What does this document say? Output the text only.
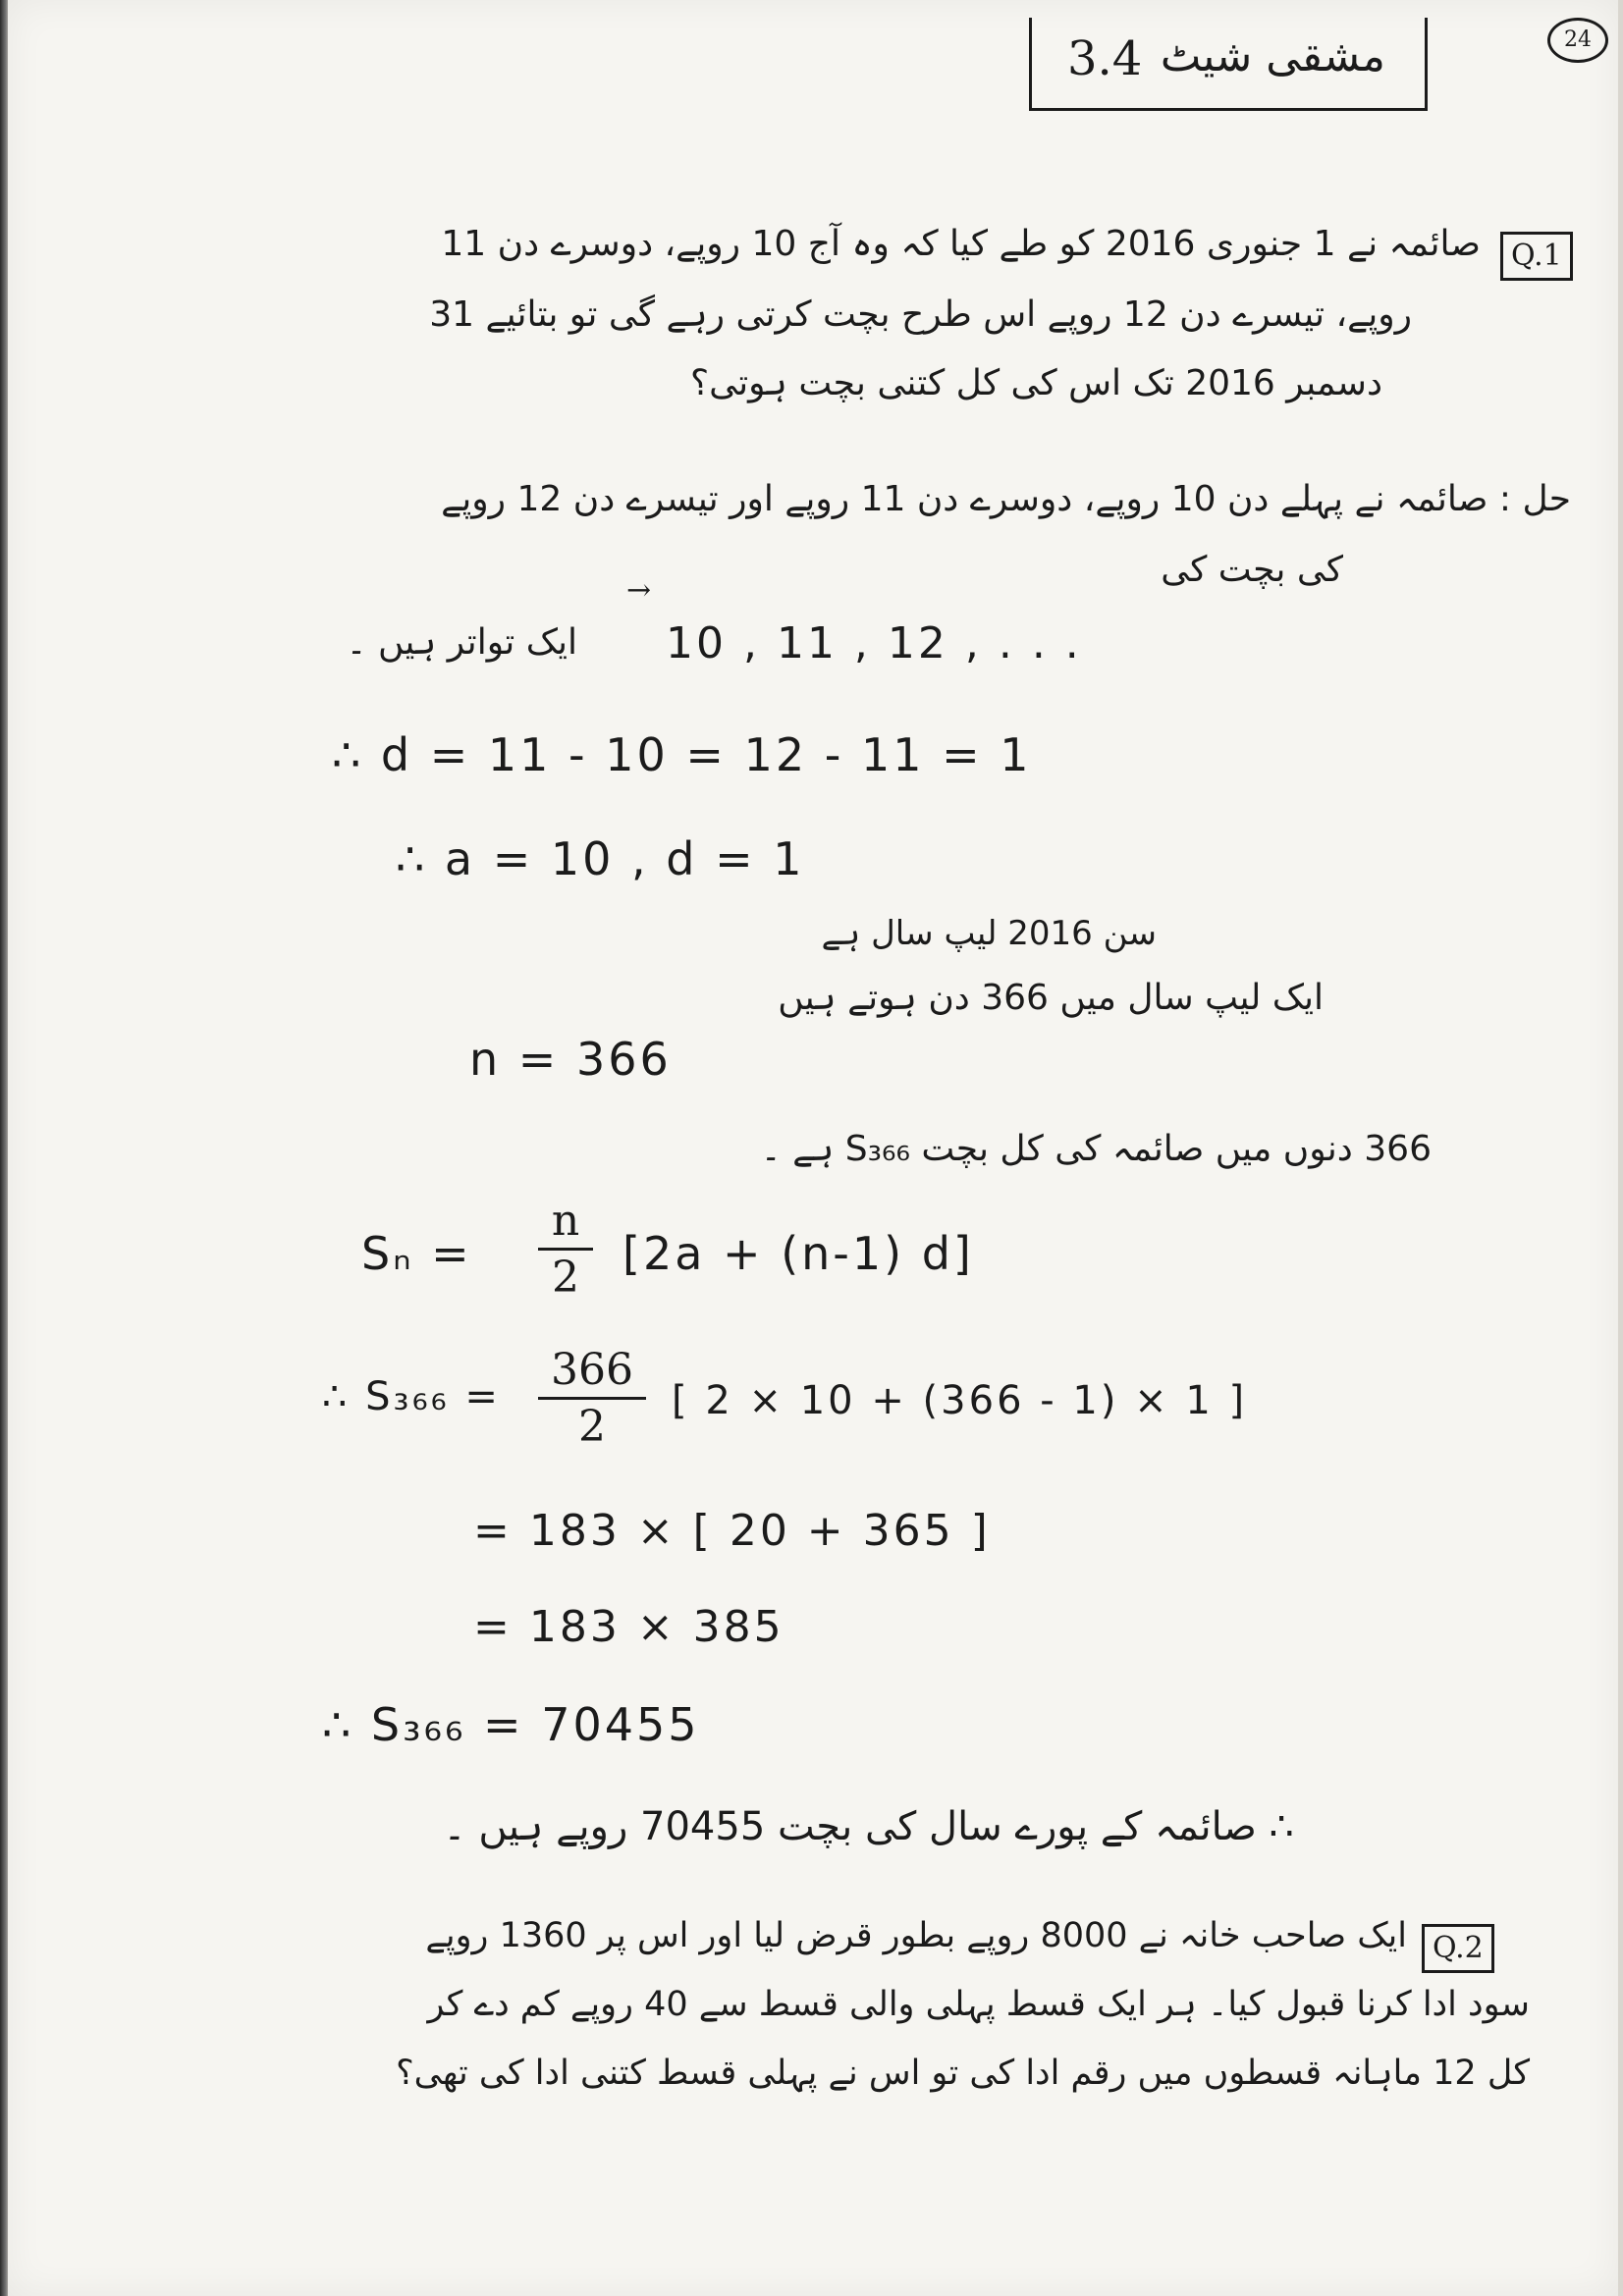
3.4 مشقی شیٹ	24
Q.1
صائمہ نے 1 جنوری 2016 کو طے کیا کہ وہ آج 10 روپے، دوسرے دن 11
روپے، تیسرے دن 12 روپے اس طرح بچت کرتی رہے گی تو بتائیے 31
دسمبر 2016 تک اس کی کل کتنی بچت ہوتی؟
حل : صائمہ نے پہلے دن 10 روپے، دوسرے دن 11 روپے اور تیسرے دن 12 روپے
کی بچت کی
10 , 11 , 12 , . . .
→
ایک تواتر ہیں ۔
∴ d = 11 - 10 = 12 - 11 = 1
∴ a = 10 , d = 1
سن 2016 لیپ سال ہے
ایک لیپ سال میں 366 دن ہوتے ہیں
n = 366
366 دنوں میں صائمہ کی کل بچت S₃₆₆ ہے ۔
Sₙ =
n
2 [2a + (n-1) d]
∴ S₃₆₆ =
366
2
[ 2 × 10 + (366 - 1) × 1 ]
= 183 × [ 20 + 365 ]
= 183 × 385
∴ S₃₆₆ = 70455
∴ صائمہ کے پورے سال کی بچت 70455 روپے ہیں ۔
Q.2
ایک صاحب خانہ نے 8000 روپے بطور قرض لیا اور اس پر 1360 روپے
سود ادا کرنا قبول کیا۔ ہر ایک قسط پہلی والی قسط سے 40 روپے کم دے کر
کل 12 ماہانہ قسطوں میں رقم ادا کی تو اس نے پہلی قسط کتنی ادا کی تھی؟
